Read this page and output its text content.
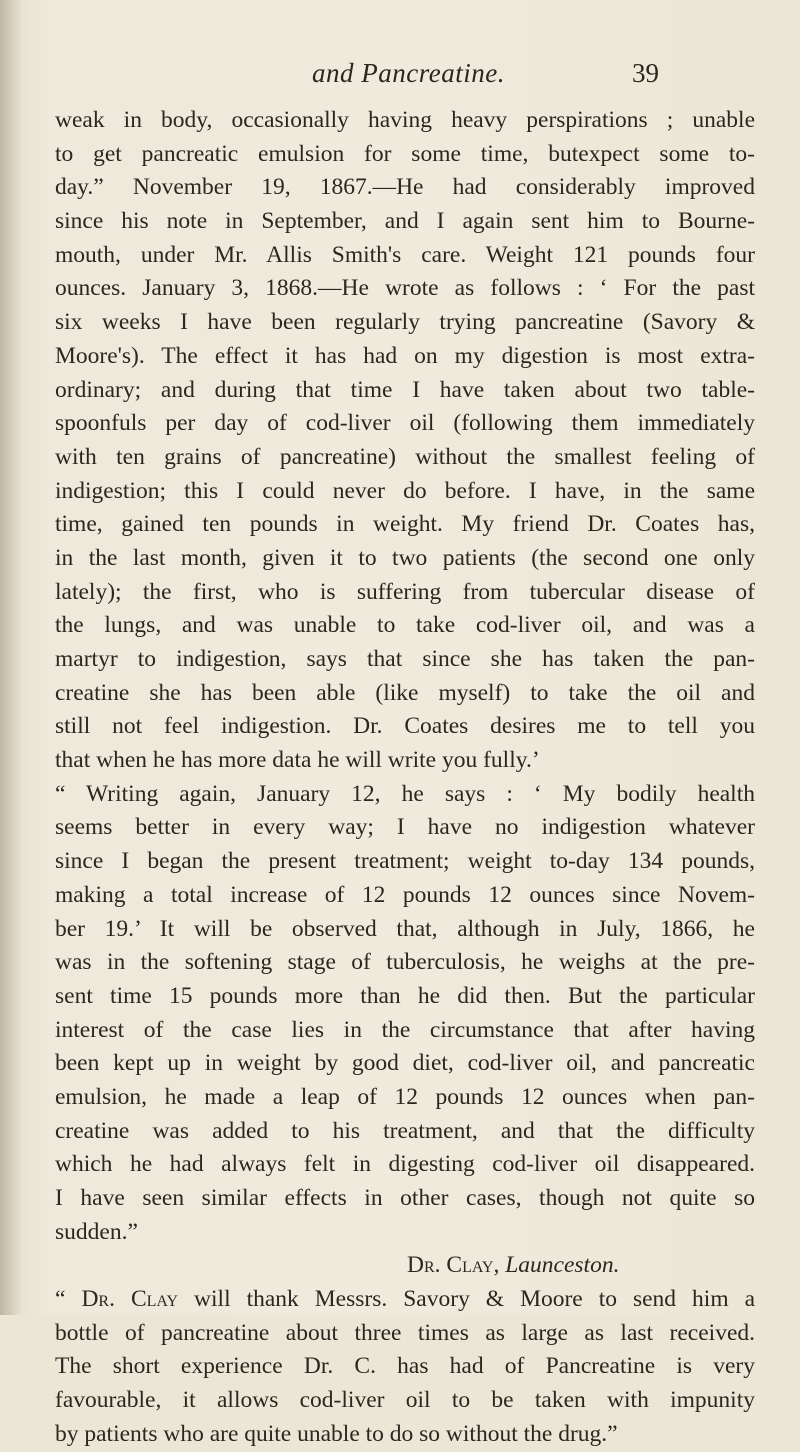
and Pancreatine.	39
weak in body, occasionally having heavy perspirations ; unable
to get pancreatic emulsion for some time, butexpect some to-
day.” November 19, 1867.—He had considerably improved
since his note in September, and I again sent him to Bourne-
mouth, under Mr. Allis Smith's care. Weight 121 pounds four
ounces. January 3, 1868.—He wrote as follows : ‘ For the past
six weeks I have been regularly trying pancreatine (Savory &
Moore's). The effect it has had on my digestion is most extra-
ordinary; and during that time I have taken about two table-
spoonfuls per day of cod-liver oil (following them immediately
with ten grains of pancreatine) without the smallest feeling of
indigestion; this I could never do before. I have, in the same
time, gained ten pounds in weight. My friend Dr. Coates has,
in the last month, given it to two patients (the second one only
lately); the first, who is suffering from tubercular disease of
the lungs, and was unable to take cod-liver oil, and was a
martyr to indigestion, says that since she has taken the pan-
creatine she has been able (like myself) to take the oil and
still not feel indigestion. Dr. Coates desires me to tell you
that when he has more data he will write you fully.’
“ Writing again, January 12, he says : ‘ My bodily health
seems better in every way; I have no indigestion whatever
since I began the present treatment; weight to-day 134 pounds,
making a total increase of 12 pounds 12 ounces since Novem-
ber 19.’ It will be observed that, although in July, 1866, he
was in the softening stage of tuberculosis, he weighs at the pre-
sent time 15 pounds more than he did then. But the particular
interest of the case lies in the circumstance that after having
been kept up in weight by good diet, cod-liver oil, and pancreatic
emulsion, he made a leap of 12 pounds 12 ounces when pan-
creatine was added to his treatment, and that the difficulty
which he had always felt in digesting cod-liver oil disappeared.
I have seen similar effects in other cases, though not quite so
sudden.”
Dr. Clay, Launceston.
“ Dr. Clay will thank Messrs. Savory & Moore to send him a
bottle of pancreatine about three times as large as last received.
The short experience Dr. C. has had of Pancreatine is very
favourable, it allows cod-liver oil to be taken with impunity
by patients who are quite unable to do so without the drug.”
